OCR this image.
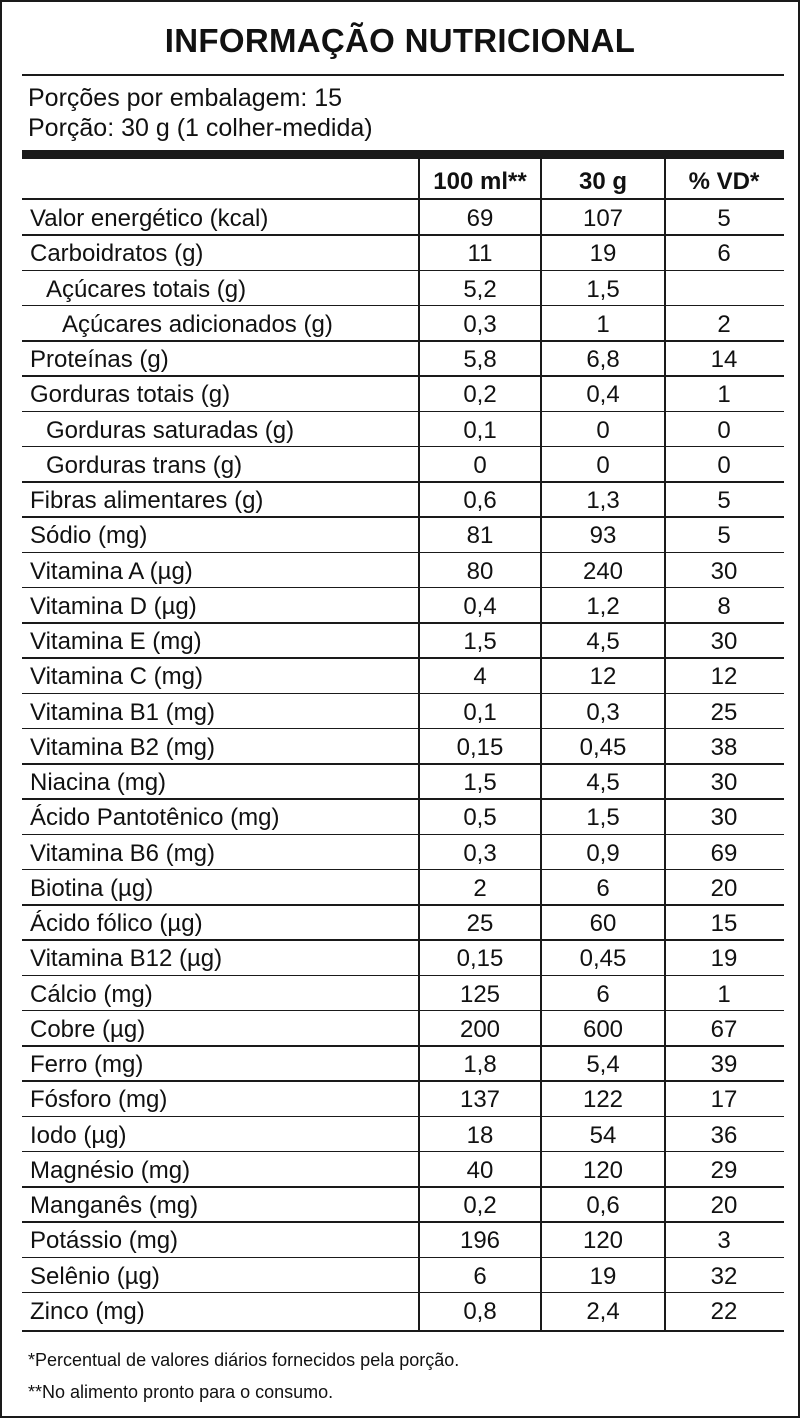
INFORMAÇÃO NUTRICIONAL
Porções por embalagem: 15
Porção: 30 g (1 colher-medida)
100 ml**	30 g	% VD*
Valor energético (kcal)	69	107	5
Carboidratos (g)	11	19	6
Açúcares totais (g)	5,2	1,5
Açúcares adicionados (g)	0,3	1	2
Proteínas (g)	5,8	6,8	14
Gorduras totais (g)	0,2	0,4	1
Gorduras saturadas (g)	0,1	0	0
Gorduras trans (g)	0	0	0
Fibras alimentares (g)	0,6	1,3	5
Sódio (mg)	81	93	5
Vitamina A (µg)	80	240	30
Vitamina D (µg)	0,4	1,2	8
Vitamina E (mg)	1,5	4,5	30
Vitamina C (mg)	4	12	12
Vitamina B1 (mg)	0,1	0,3	25
Vitamina B2 (mg)	0,15	0,45	38
Niacina (mg)	1,5	4,5	30
Ácido Pantotênico (mg)	0,5	1,5	30
Vitamina B6 (mg)	0,3	0,9	69
Biotina (µg)	2	6	20
Ácido fólico (µg)	25	60	15
Vitamina B12 (µg)	0,15	0,45	19
Cálcio (mg)	125	6	1
Cobre (µg)	200	600	67
Ferro (mg)	1,8	5,4	39
Fósforo (mg)	137	122	17
Iodo (µg)	18	54	36
Magnésio (mg)	40	120	29
Manganês (mg)	0,2	0,6	20
Potássio (mg)	196	120	3
Selênio (µg)	6	19	32
Zinco (mg)	0,8	2,4	22
*Percentual de valores diários fornecidos pela porção.
**No alimento pronto para o consumo.
